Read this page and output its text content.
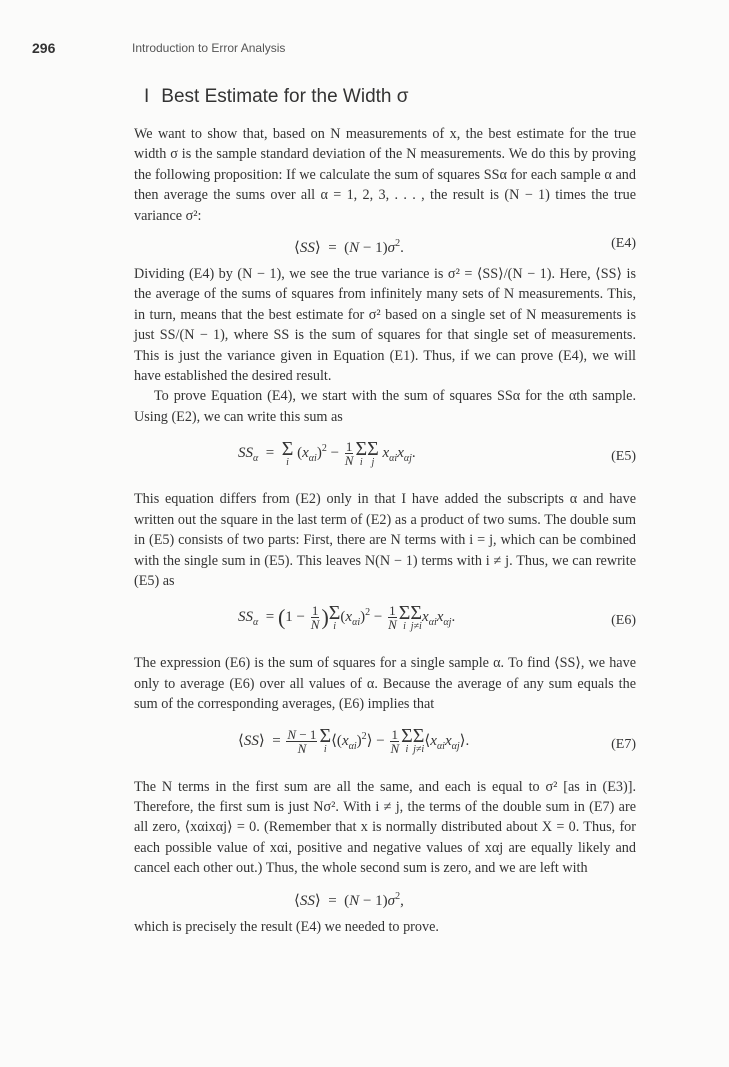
296	Introduction to Error Analysis
I Best Estimate for the Width σ

We want to show that, based on N measurements of x, the best estimate for the true width σ is the sample standard deviation of the N measurements. We do this by proving the following proposition: If we calculate the sum of squares SSα for each sample α and then average the sums over all α = 1, 2, 3, . . . , the result is (N − 1) times the true variance σ²:

⟨SS⟩  =  $(N - 1)\sigma^2$.	(E4)

Dividing (E4) by (N − 1), we see the true variance is σ² = ⟨SS⟩/(N − 1). Here, ⟨SS⟩ is the average of the sums of squares from infinitely many sets of N measurements. This, in turn, means that the best estimate for σ² based on a single set of N measurements is just SS/(N − 1), where SS is the sum of squares for that single set of measurements. This is just the variance given in Equation (E1). Thus, if we can prove (E4), we will have established the desired result.

To prove Equation (E4), we start with the sum of squares SSα for the αth sample. Using (E2), we can write this sum as

$SS_\alpha = \Sigma$
i
$(x_{\alpha i})^2 - \frac{1}{N}$ Σ
i
Σ
j
$x_{\alpha i}x_{\alpha j}$.	(E5)

This equation differs from (E2) only in that I have added the subscripts α and have written out the square in the last term of (E2) as a product of two sums. The double sum in (E5) consists of two parts: First, there are N terms with i = j, which can be combined with the single sum in (E5). This leaves N(N − 1) terms with i ≠ j. Thus, we can rewrite (E5) as

$SS_\alpha = (1 - \frac{1}{N}$ ) Σ
i
$(x_{\alpha i})^2 - \frac{1}{N}$ Σ
i
Σ
j≠i
$x_{\alpha i}x_{\alpha j}$.	(E6)

The expression (E6) is the sum of squares for a single sample α. To find ⟨SS⟩, we have only to average (E6) over all values of α. Because the average of any sum equals the sum of the corresponding averages, (E6) implies that

⟨SS⟩  = $\frac{N - 1}{N}$ Σ
i
$⟨(x_{\alpha i})^2⟩ - \frac{1}{N}$ Σ
i
Σ
j≠i
$⟨x_{\alpha i}x_{\alpha j}⟩$.	(E7)

The N terms in the first sum are all the same, and each is equal to σ² [as in (E3)]. Therefore, the first sum is just Nσ². With i ≠ j, the terms of the double sum in (E7) are all zero, ⟨xαixαj⟩ = 0. (Remember that x is normally distributed about X = 0. Thus, for each possible value of xαi, positive and negative values of xαj are equally likely and cancel each other out.) Thus, the whole second sum is zero, and we are left with

⟨SS⟩  =  $(N - 1)\sigma^2$,

which is precisely the result (E4) we needed to prove.
